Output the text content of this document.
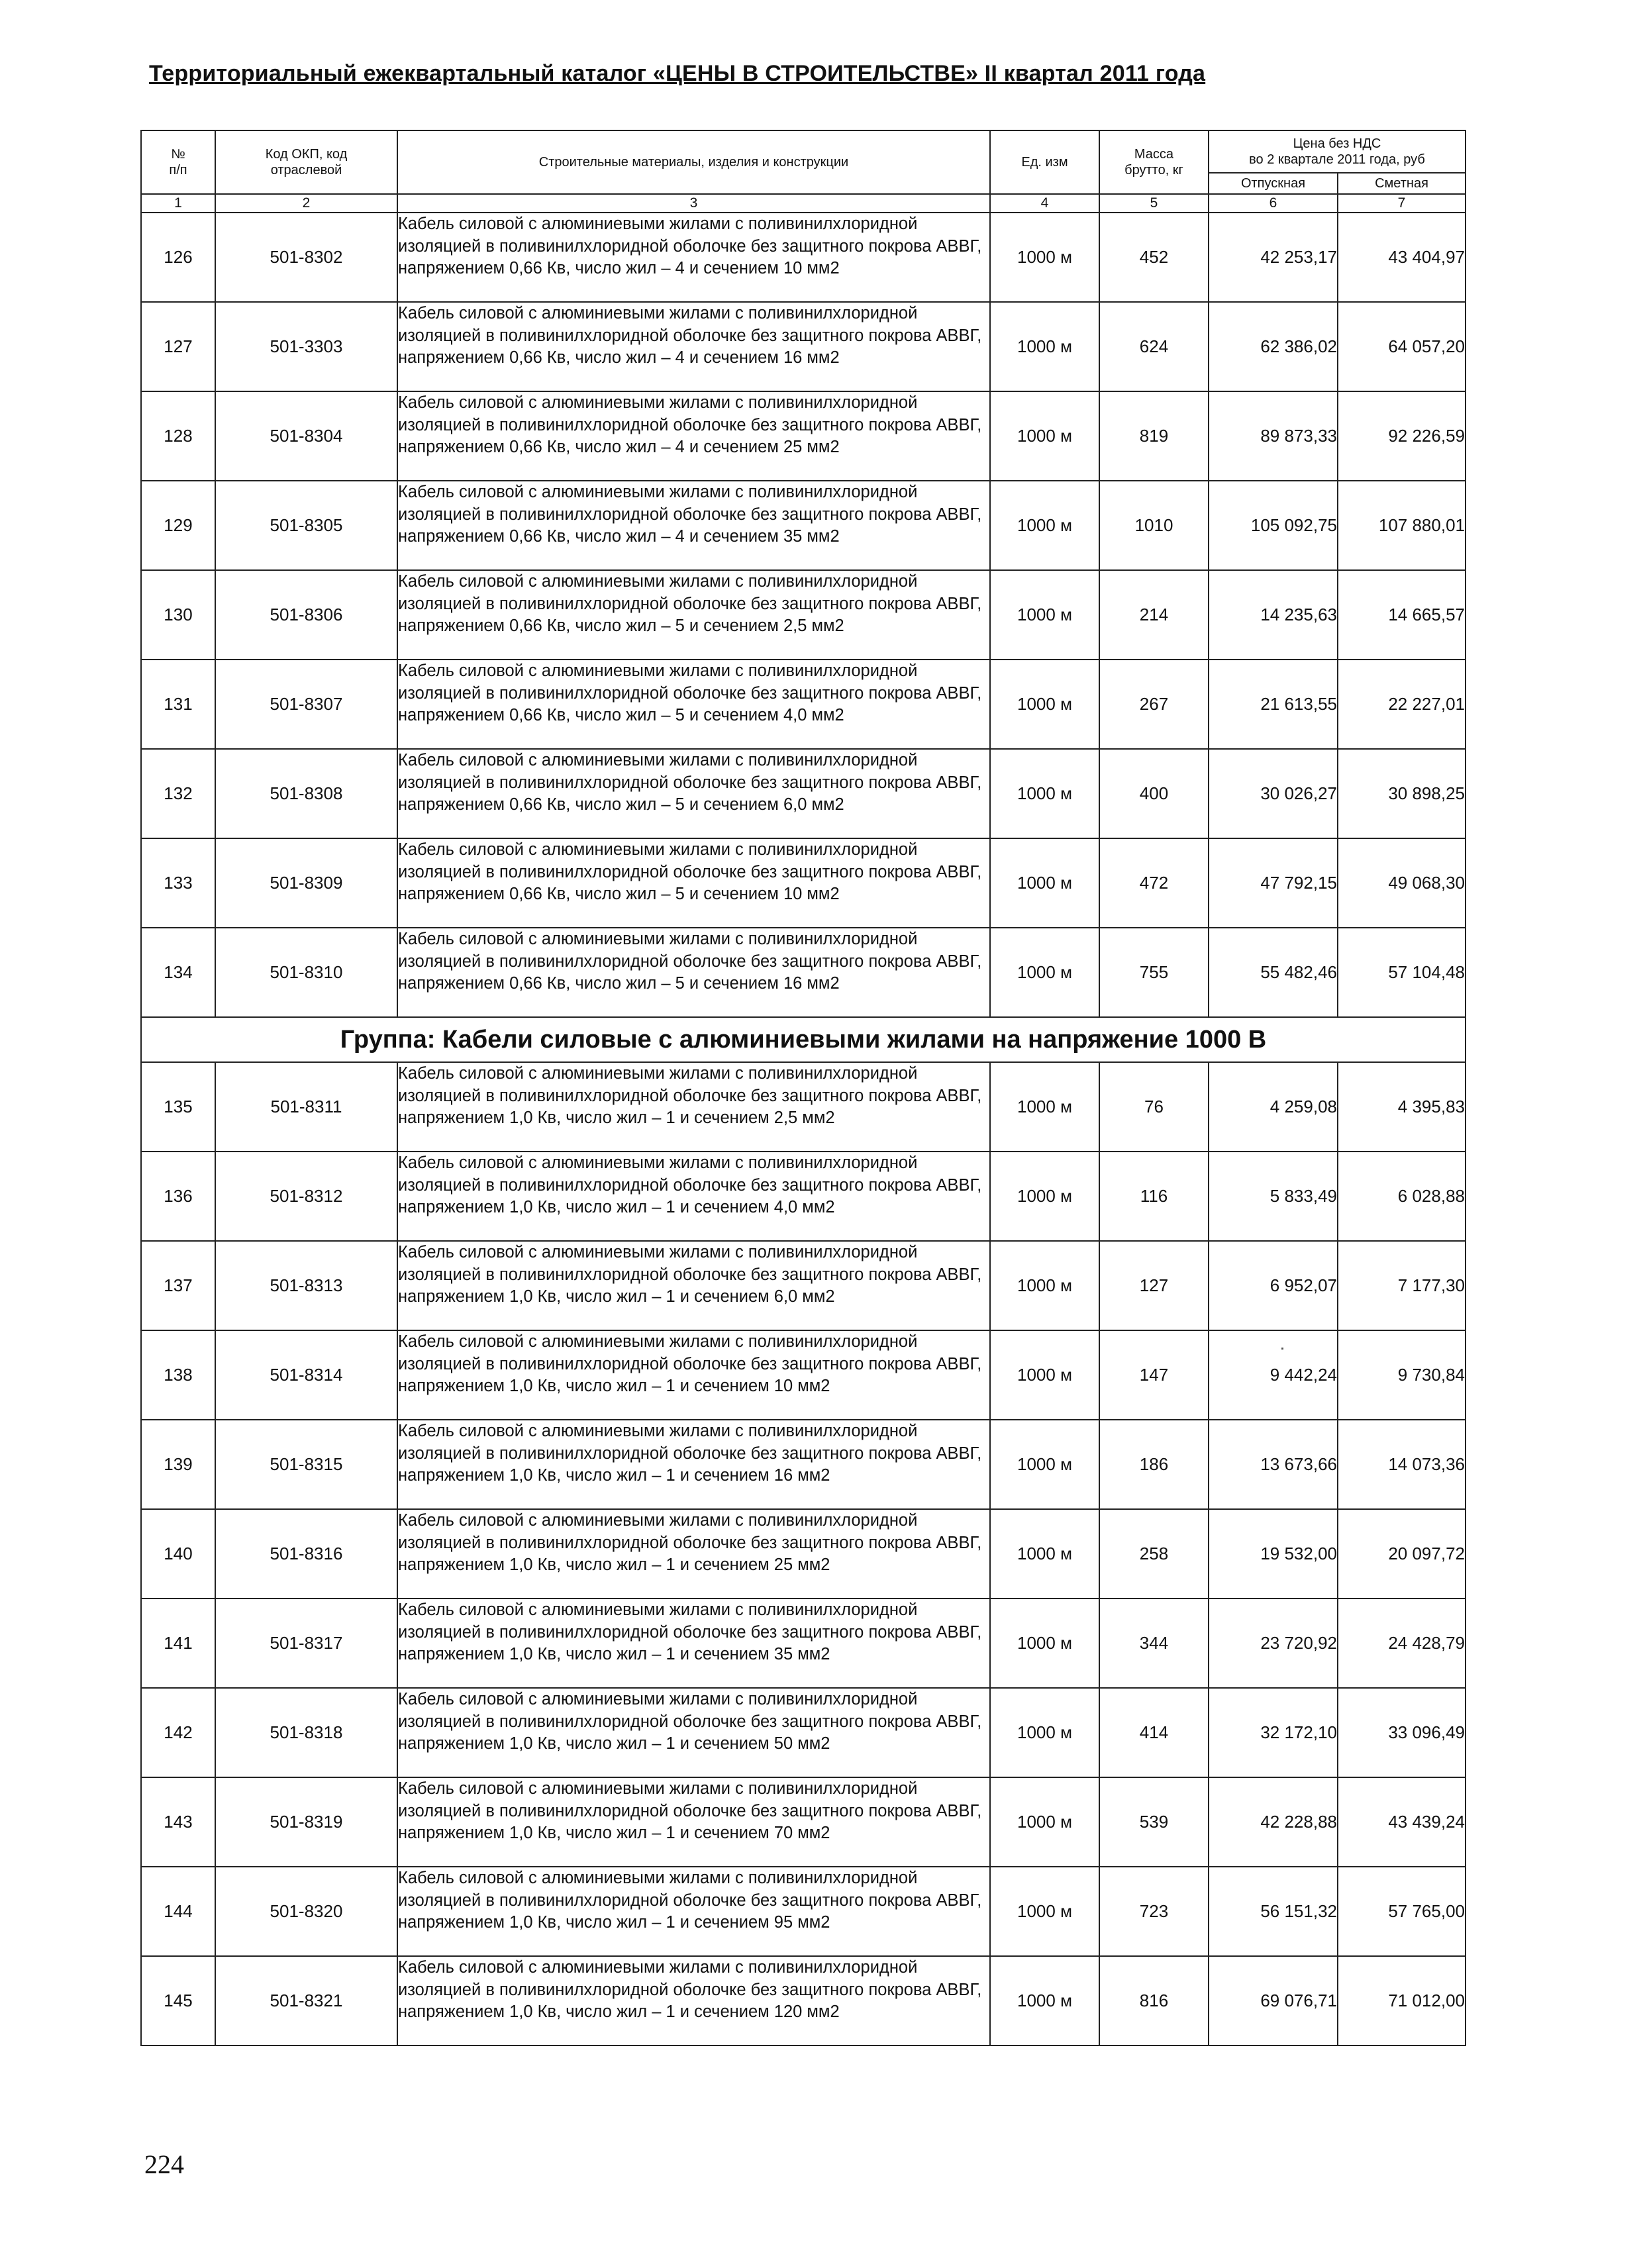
Территориальный ежеквартальный каталог «ЦЕНЫ В СТРОИТЕЛЬСТВЕ» II квартал 2011 года
№
п/п	Код ОКП, код
отраслевой	Строительные материалы, изделия и конструкции	Ед. изм	Масса
брутто, кг	Цена без НДС
во 2 квартале 2011 года, руб	
					Отпускная	Сметная
1	2	3	4	5	6	7
126	501-8302	Кабель силовой с алюминиевыми жилами с поливинилхлоридной изоляцией в поливинилхлоридной оболочке без защитного покрова АВВГ, напряжением 0,66 Кв, число жил – 4 и сечением 10 мм2	1000 м	452	42 253,17	43 404,97
127	501-3303	Кабель силовой с алюминиевыми жилами с поливинилхлоридной изоляцией в поливинилхлоридной оболочке без защитного покрова АВВГ, напряжением 0,66 Кв, число жил – 4 и сечением 16 мм2	1000 м	624	62 386,02	64 057,20
128	501-8304	Кабель силовой с алюминиевыми жилами с поливинилхлоридной изоляцией в поливинилхлоридной оболочке без защитного покрова АВВГ, напряжением 0,66 Кв, число жил – 4 и сечением 25 мм2	1000 м	819	89 873,33	92 226,59
129	501-8305	Кабель силовой с алюминиевыми жилами с поливинилхлоридной изоляцией в поливинилхлоридной оболочке без защитного покрова АВВГ, напряжением 0,66 Кв, число жил – 4 и сечением 35 мм2	1000 м	1010	105 092,75	107 880,01
130	501-8306	Кабель силовой с алюминиевыми жилами с поливинилхлоридной изоляцией в поливинилхлоридной оболочке без защитного покрова АВВГ, напряжением 0,66 Кв, число жил – 5 и сечением 2,5 мм2	1000 м	214	14 235,63	14 665,57
131	501-8307	Кабель силовой с алюминиевыми жилами с поливинилхлоридной изоляцией в поливинилхлоридной оболочке без защитного покрова АВВГ, напряжением 0,66 Кв, число жил – 5 и сечением 4,0 мм2	1000 м	267	21 613,55	22 227,01
132	501-8308	Кабель силовой с алюминиевыми жилами с поливинилхлоридной изоляцией в поливинилхлоридной оболочке без защитного покрова АВВГ, напряжением 0,66 Кв, число жил – 5 и сечением 6,0 мм2	1000 м	400	30 026,27	30 898,25
133	501-8309	Кабель силовой с алюминиевыми жилами с поливинилхлоридной изоляцией в поливинилхлоридной оболочке без защитного покрова АВВГ, напряжением 0,66 Кв, число жил – 5 и сечением 10 мм2	1000 м	472	47 792,15	49 068,30
134	501-8310	Кабель силовой с алюминиевыми жилами с поливинилхлоридной изоляцией в поливинилхлоридной оболочке без защитного покрова АВВГ, напряжением 0,66 Кв, число жил – 5 и сечением 16 мм2	1000 м	755	55 482,46	57 104,48
Группа: Кабели силовые с алюминиевыми жилами на напряжение 1000 В						
135	501-8311	Кабель силовой с алюминиевыми жилами с поливинилхлоридной изоляцией в поливинилхлоридной оболочке без защитного покрова АВВГ, напряжением 1,0 Кв, число жил – 1 и сечением 2,5 мм2	1000 м	76	4 259,08	4 395,83
136	501-8312	Кабель силовой с алюминиевыми жилами с поливинилхлоридной изоляцией в поливинилхлоридной оболочке без защитного покрова АВВГ, напряжением 1,0 Кв, число жил – 1 и сечением 4,0 мм2	1000 м	116	5 833,49	6 028,88
137	501-8313	Кабель силовой с алюминиевыми жилами с поливинилхлоридной изоляцией в поливинилхлоридной оболочке без защитного покрова АВВГ, напряжением 1,0 Кв, число жил – 1 и сечением 6,0 мм2	1000 м	127	6 952,07	7 177,30
138	501-8314	Кабель силовой с алюминиевыми жилами с поливинилхлоридной изоляцией в поливинилхлоридной оболочке без защитного покрова АВВГ, напряжением 1,0 Кв, число жил – 1 и сечением 10 мм2	1000 м	147	9 442,24	9 730,84
139	501-8315	Кабель силовой с алюминиевыми жилами с поливинилхлоридной изоляцией в поливинилхлоридной оболочке без защитного покрова АВВГ, напряжением 1,0 Кв, число жил – 1 и сечением 16 мм2	1000 м	186	13 673,66	14 073,36
140	501-8316	Кабель силовой с алюминиевыми жилами с поливинилхлоридной изоляцией в поливинилхлоридной оболочке без защитного покрова АВВГ, напряжением 1,0 Кв, число жил – 1 и сечением 25 мм2	1000 м	258	19 532,00	20 097,72
141	501-8317	Кабель силовой с алюминиевыми жилами с поливинилхлоридной изоляцией в поливинилхлоридной оболочке без защитного покрова АВВГ, напряжением 1,0 Кв, число жил – 1 и сечением 35 мм2	1000 м	344	23 720,92	24 428,79
142	501-8318	Кабель силовой с алюминиевыми жилами с поливинилхлоридной изоляцией в поливинилхлоридной оболочке без защитного покрова АВВГ, напряжением 1,0 Кв, число жил – 1 и сечением 50 мм2	1000 м	414	32 172,10	33 096,49
143	501-8319	Кабель силовой с алюминиевыми жилами с поливинилхлоридной изоляцией в поливинилхлоридной оболочке без защитного покрова АВВГ, напряжением 1,0 Кв, число жил – 1 и сечением 70 мм2	1000 м	539	42 228,88	43 439,24
144	501-8320	Кабель силовой с алюминиевыми жилами с поливинилхлоридной изоляцией в поливинилхлоридной оболочке без защитного покрова АВВГ, напряжением 1,0 Кв, число жил – 1 и сечением 95 мм2	1000 м	723	56 151,32	57 765,00
145	501-8321	Кабель силовой с алюминиевыми жилами с поливинилхлоридной изоляцией в поливинилхлоридной оболочке без защитного покрова АВВГ, напряжением 1,0 Кв, число жил – 1 и сечением 120 мм2	1000 м	816	69 076,71	71 012,00
224
